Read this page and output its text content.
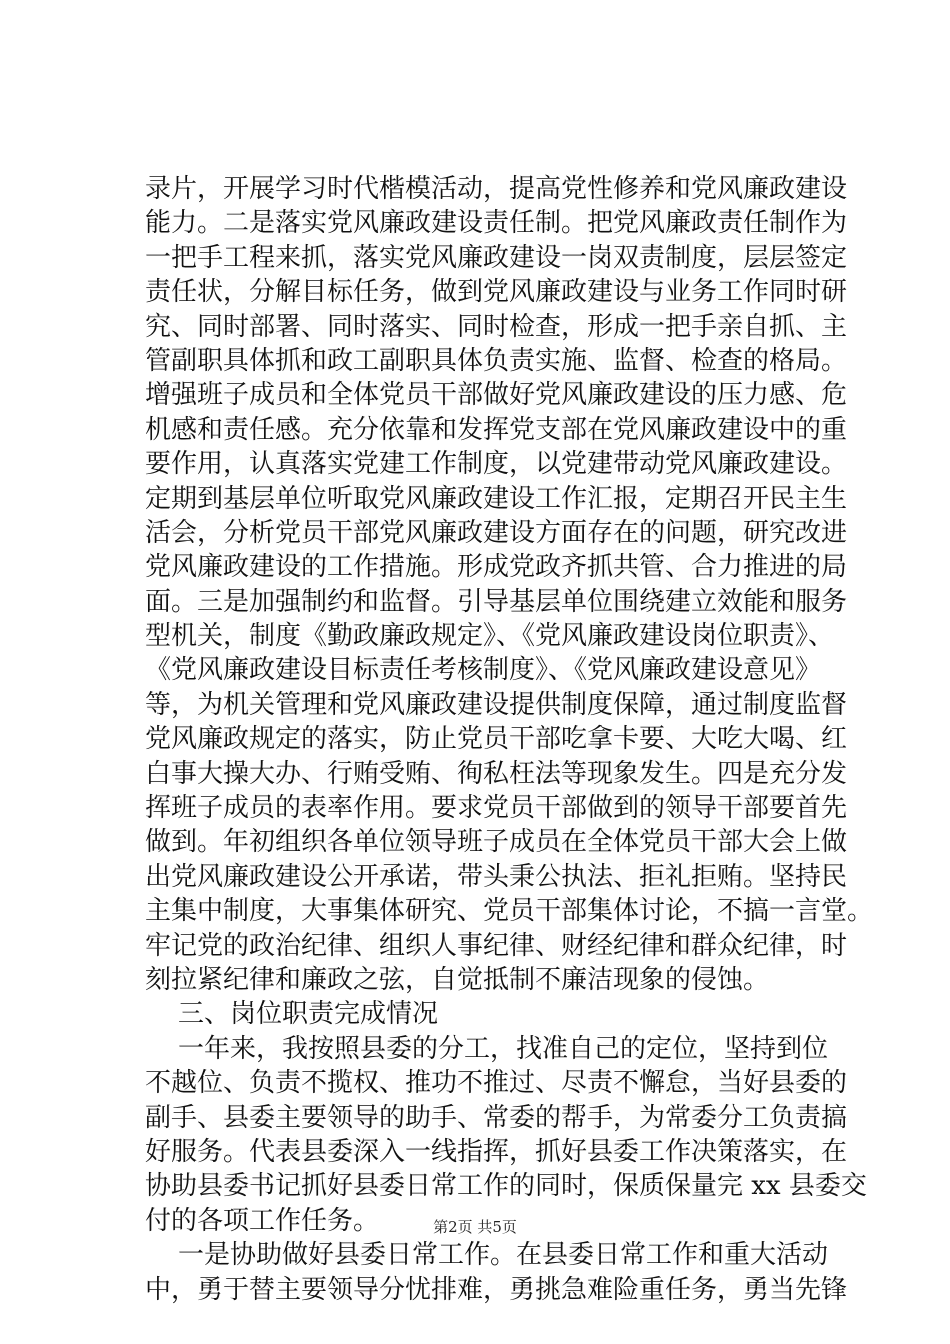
录片，开展学习时代楷模活动，提高党性修养和党风廉政建设
能力。二是落实党风廉政建设责任制。把党风廉政责任制作为
一把手工程来抓，落实党风廉政建设一岗双责制度，层层签定
责任状，分解目标任务，做到党风廉政建设与业务工作同时研
究、同时部署、同时落实、同时检查，形成一把手亲自抓、主
管副职具体抓和政工副职具体负责实施、监督、检查的格局。
增强班子成员和全体党员干部做好党风廉政建设的压力感、危
机感和责任感。充分依靠和发挥党支部在党风廉政建设中的重
要作用，认真落实党建工作制度，以党建带动党风廉政建设。
定期到基层单位听取党风廉政建设工作汇报，定期召开民主生
活会，分析党员干部党风廉政建设方面存在的问题，研究改进
党风廉政建设的工作措施。形成党政齐抓共管、合力推进的局
面。三是加强制约和监督。引导基层单位围绕建立效能和服务
型机关，制度《勤政廉政规定》、《党风廉政建设岗位职责》、
《党风廉政建设目标责任考核制度》、《党风廉政建设意见》
等，为机关管理和党风廉政建设提供制度保障，通过制度监督
党风廉政规定的落实，防止党员干部吃拿卡要、大吃大喝、红
白事大操大办、行贿受贿、徇私枉法等现象发生。四是充分发
挥班子成员的表率作用。要求党员干部做到的领导干部要首先
做到。年初组织各单位领导班子成员在全体党员干部大会上做
出党风廉政建设公开承诺，带头秉公执法、拒礼拒贿。坚持民
主集中制度，大事集体研究、党员干部集体讨论，不搞一言堂。
牢记党的政治纪律、组织人事纪律、财经纪律和群众纪律，时
刻拉紧纪律和廉政之弦，自觉抵制不廉洁现象的侵蚀。
三、岗位职责完成情况
一年来，我按照县委的分工，找准自己的定位，坚持到位
不越位、负责不揽权、推功不推过、尽责不懈怠，当好县委的
副手、县委主要领导的助手、常委的帮手，为常委分工负责搞
好服务。代表县委深入一线指挥，抓好县委工作决策落实，在
协助县委书记抓好县委日常工作的同时，保质保量完 xx 县委交
付的各项工作任务。
一是协助做好县委日常工作。在县委日常工作和重大活动
中，勇于替主要领导分忧排难，勇挑急难险重任务，勇当先锋
第2页 共5页
